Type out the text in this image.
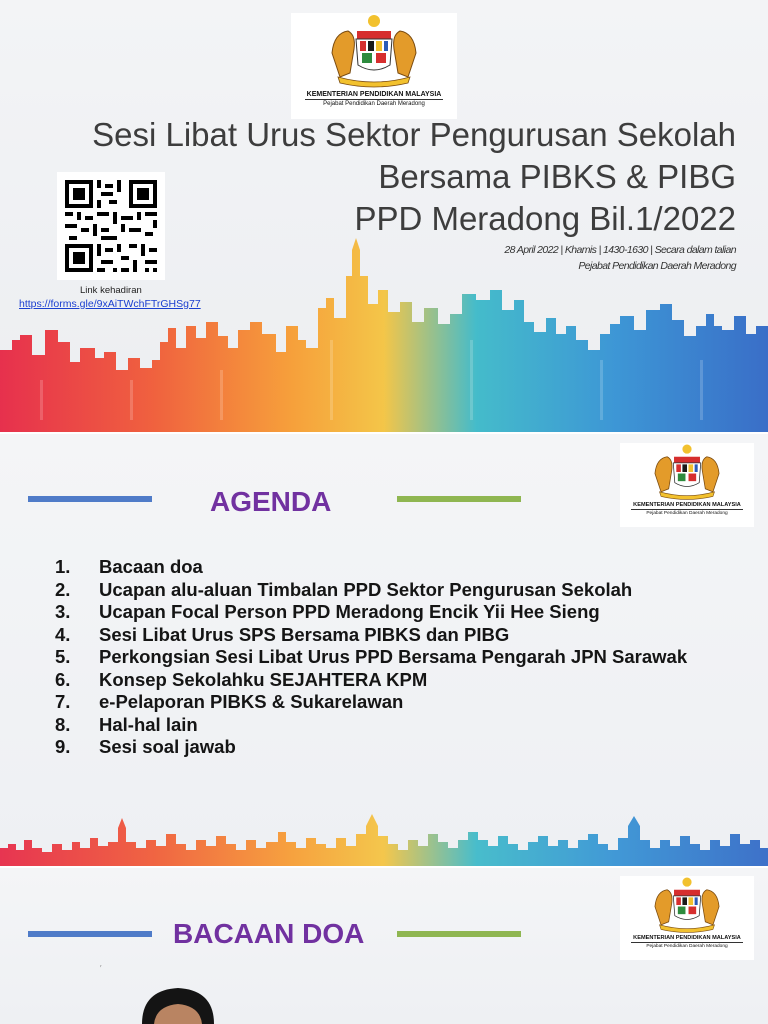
KEMENTERIAN PENDIDIKAN MALAYSIA
Pejabat Pendidikan Daerah Meradong
Sesi Libat Urus Sektor Pengurusan Sekolah
Bersama PIBKS & PIBG
PPD Meradong Bil.1/2022
28 April 2022 | Khamis | 1430-1630 | Secara dalam talian
Pejabat Pendidikan Daerah Meradong
Link kehadiran
https://forms.gle/9xAiTWchFTrGHSg77
AGENDA
1. Bacaan doa
2. Ucapan alu-aluan Timbalan PPD Sektor Pengurusan Sekolah
3. Ucapan Focal Person PPD Meradong Encik Yii Hee Sieng
4. Sesi Libat Urus SPS Bersama PIBKS dan PIBG
5. Perkongsian Sesi Libat Urus PPD Bersama Pengarah JPN Sarawak
6. Konsep Sekolahku SEJAHTERA KPM
7. e-Pelaporan PIBKS & Sukarelawan
8. Hal-hal lain
9. Sesi soal jawab
KEMENTERIAN PENDIDIKAN MALAYSIA
Pejabat Pendidikan Daerah Meradong
BACAAN DOA
′
KEMENTERIAN PENDIDIKAN MALAYSIA
Pejabat Pendidikan Daerah Meradong
